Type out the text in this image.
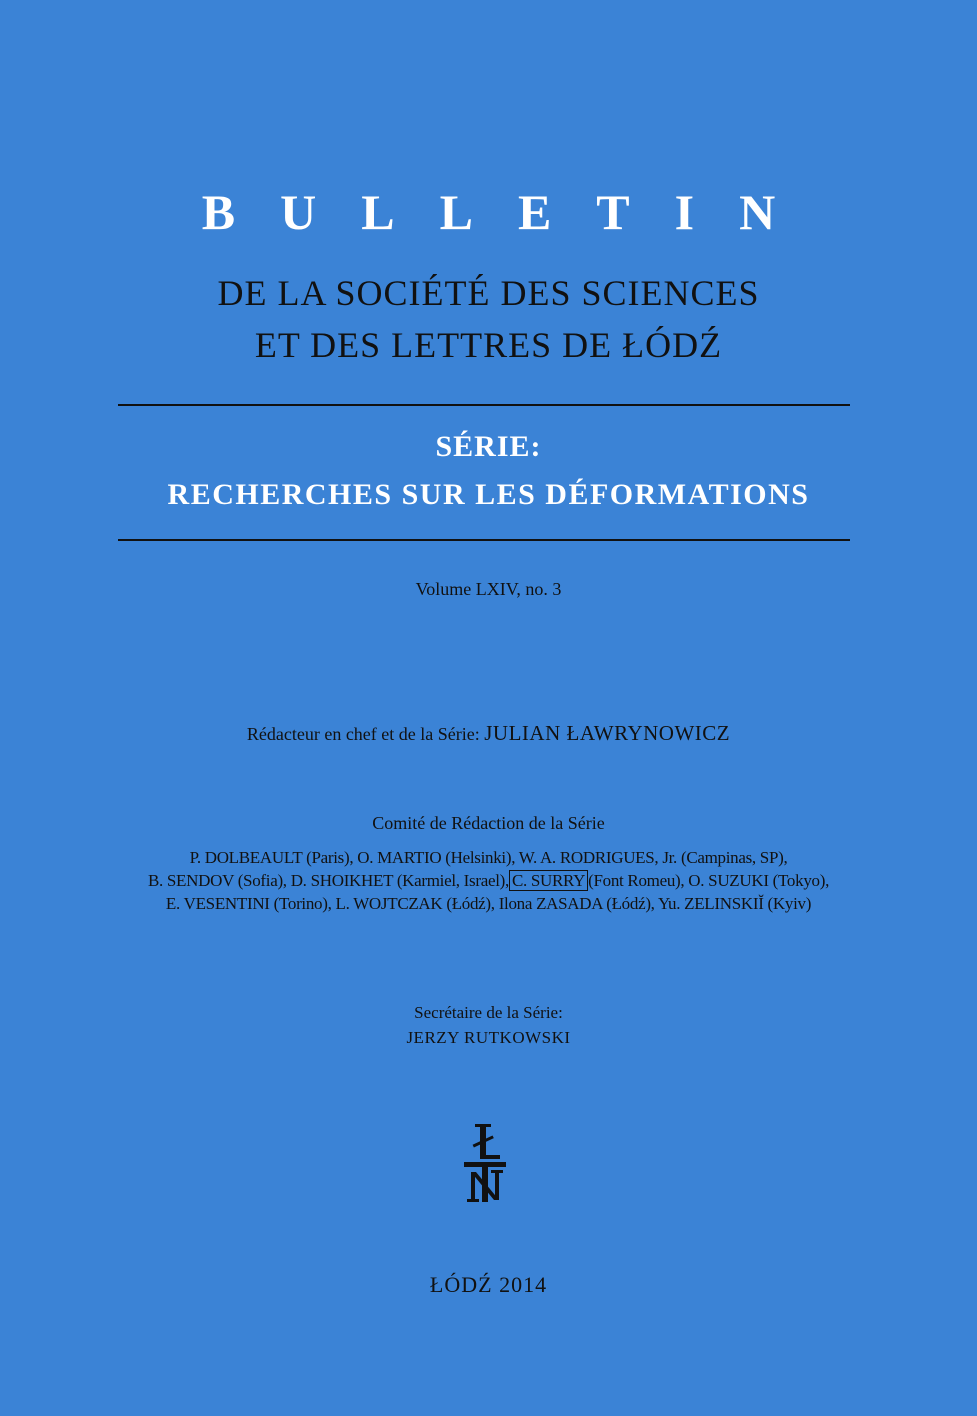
BULLETIN
DE LA SOCIÉTÉ DES SCIENCES
ET DES LETTRES DE ŁÓDŹ
SÉRIE:
RECHERCHES SUR LES DÉFORMATIONS
Volume LXIV, no. 3
Rédacteur en chef et de la Série: JULIAN ŁAWRYNOWICZ
Comité de Rédaction de la Série
P. DOLBEAULT (Paris), O. MARTIO (Helsinki), W. A. RODRIGUES, Jr. (Campinas, SP),
B. SENDOV (Sofia), D. SHOIKHET (Karmiel, Israel), C. SURRY (Font Romeu), O. SUZUKI (Tokyo),
E. VESENTINI (Torino), L. WOJTCZAK (Łódź), Ilona ZASADA (Łódź), Yu. ZELINSKIĬ (Kyiv)
Secrétaire de la Série:
JERZY RUTKOWSKI
ŁÓDŹ 2014
